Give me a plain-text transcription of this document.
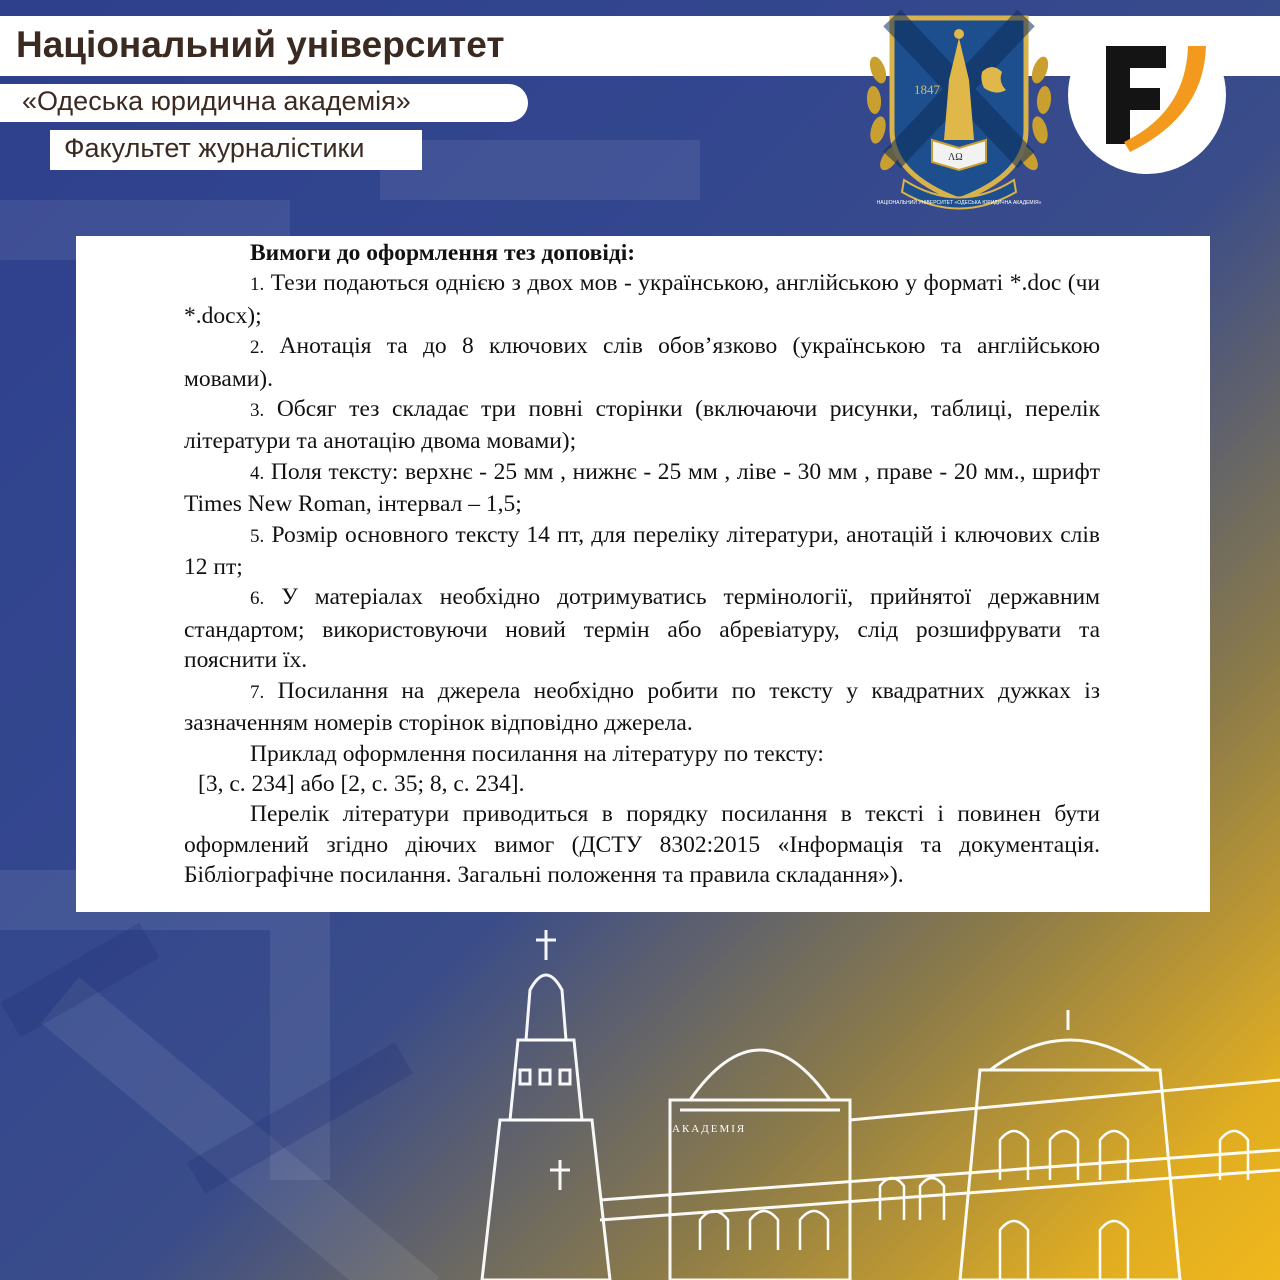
Національний університет
«Одеська юридична академія»
Факультет журналістики
1847
ΛΩ
НАЦІОНАЛЬНИЙ УНІВЕРСИТЕТ «ОДЕСЬКА ЮРИДИЧНА АКАДЕМІЯ»

Вимоги до оформлення тез доповіді:

1. Тези подаються однією з двох мов - українською, англійською у форматі *.doc (чи *.docx);

2. Анотація та до 8 ключових слів обов’язково (українською та англійською мовами).

3. Обсяг тез складає три повні сторінки (включаючи рисунки, таблиці, перелік літератури та анотацію двома мовами);

4. Поля тексту: верхнє - 25 мм , нижнє - 25 мм , ліве - 30 мм , праве - 20 мм., шрифт Times New Roman, інтервал – 1,5;

5. Розмір основного тексту 14 пт, для переліку літератури, анотацій і ключових слів 12 пт;

6. У матеріалах необхідно дотримуватись термінології, прийнятої державним стандартом; використовуючи новий термін або абревіатуру, слід розшифрувати та пояснити їх.

7. Посилання на джерела необхідно робити по тексту у квадратних дужках із зазначенням номерів сторінок відповідно джерела.

Приклад оформлення посилання на літературу по тексту:

[3, с. 234] або [2, с. 35; 8, с. 234].

Перелік літератури приводиться в порядку посилання в тексті і повинен бути оформлений згідно діючих вимог (ДСТУ 8302:2015 «Інформація та документація. Бібліографічне посилання. Загальні положення та правила складання»).

АКАДЕМІЯ
